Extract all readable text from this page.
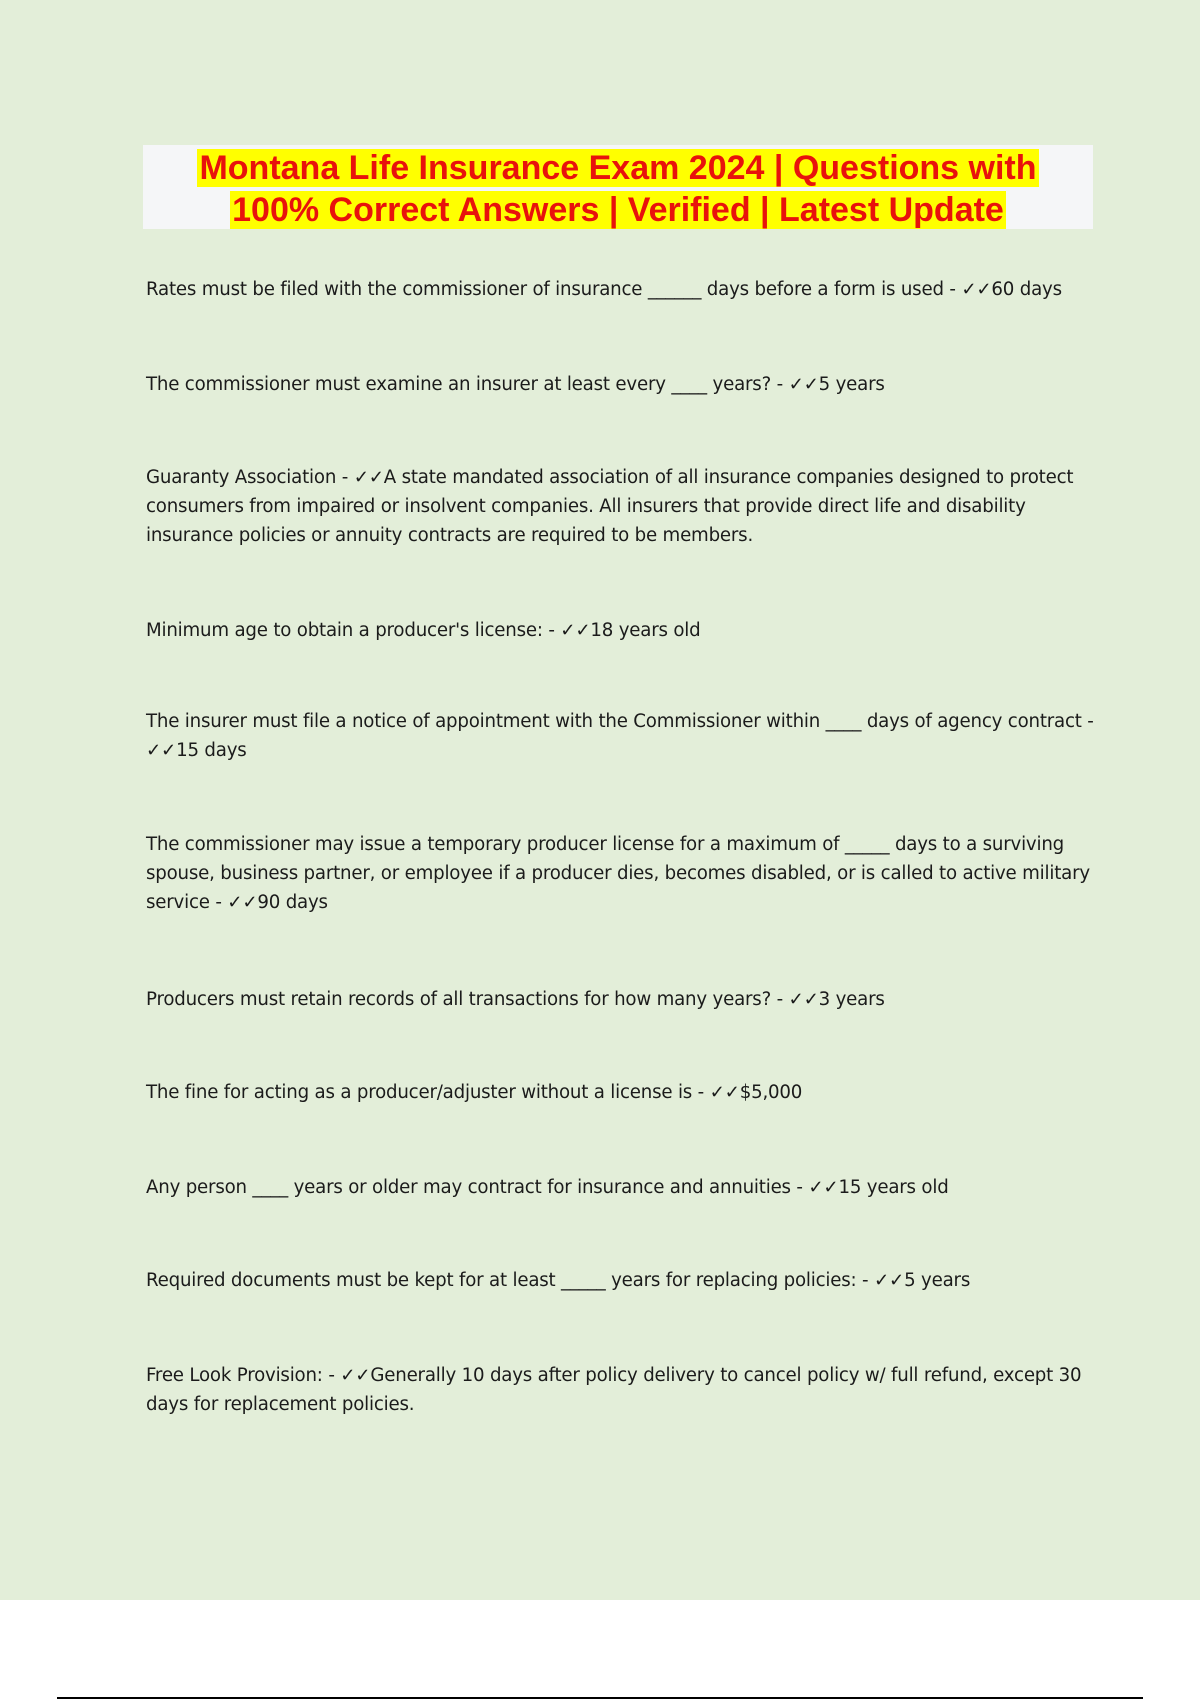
Montana Life Insurance Exam 2024 | Questions with
100% Correct Answers | Verified | Latest Update

Rates must be filed with the commissioner of insurance ______ days before a form is used - ✓✓60 days

The commissioner must examine an insurer at least every ____ years? - ✓✓5 years

Guaranty Association - ✓✓A state mandated association of all insurance companies designed to protect consumers from impaired or insolvent companies. All insurers that provide direct life and disability insurance policies or annuity contracts are required to be members.

Minimum age to obtain a producer's license: - ✓✓18 years old

The insurer must file a notice of appointment with the Commissioner within ____ days of agency contract - ✓✓15 days

The commissioner may issue a temporary producer license for a maximum of _____ days to a surviving spouse, business partner, or employee if a producer dies, becomes disabled, or is called to active military service - ✓✓90 days

Producers must retain records of all transactions for how many years? - ✓✓3 years

The fine for acting as a producer/adjuster without a license is - ✓✓$5,000

Any person ____ years or older may contract for insurance and annuities - ✓✓15 years old

Required documents must be kept for at least _____ years for replacing policies: - ✓✓5 years

Free Look Provision: - ✓✓Generally 10 days after policy delivery to cancel policy w/ full refund, except 30 days for replacement policies.
